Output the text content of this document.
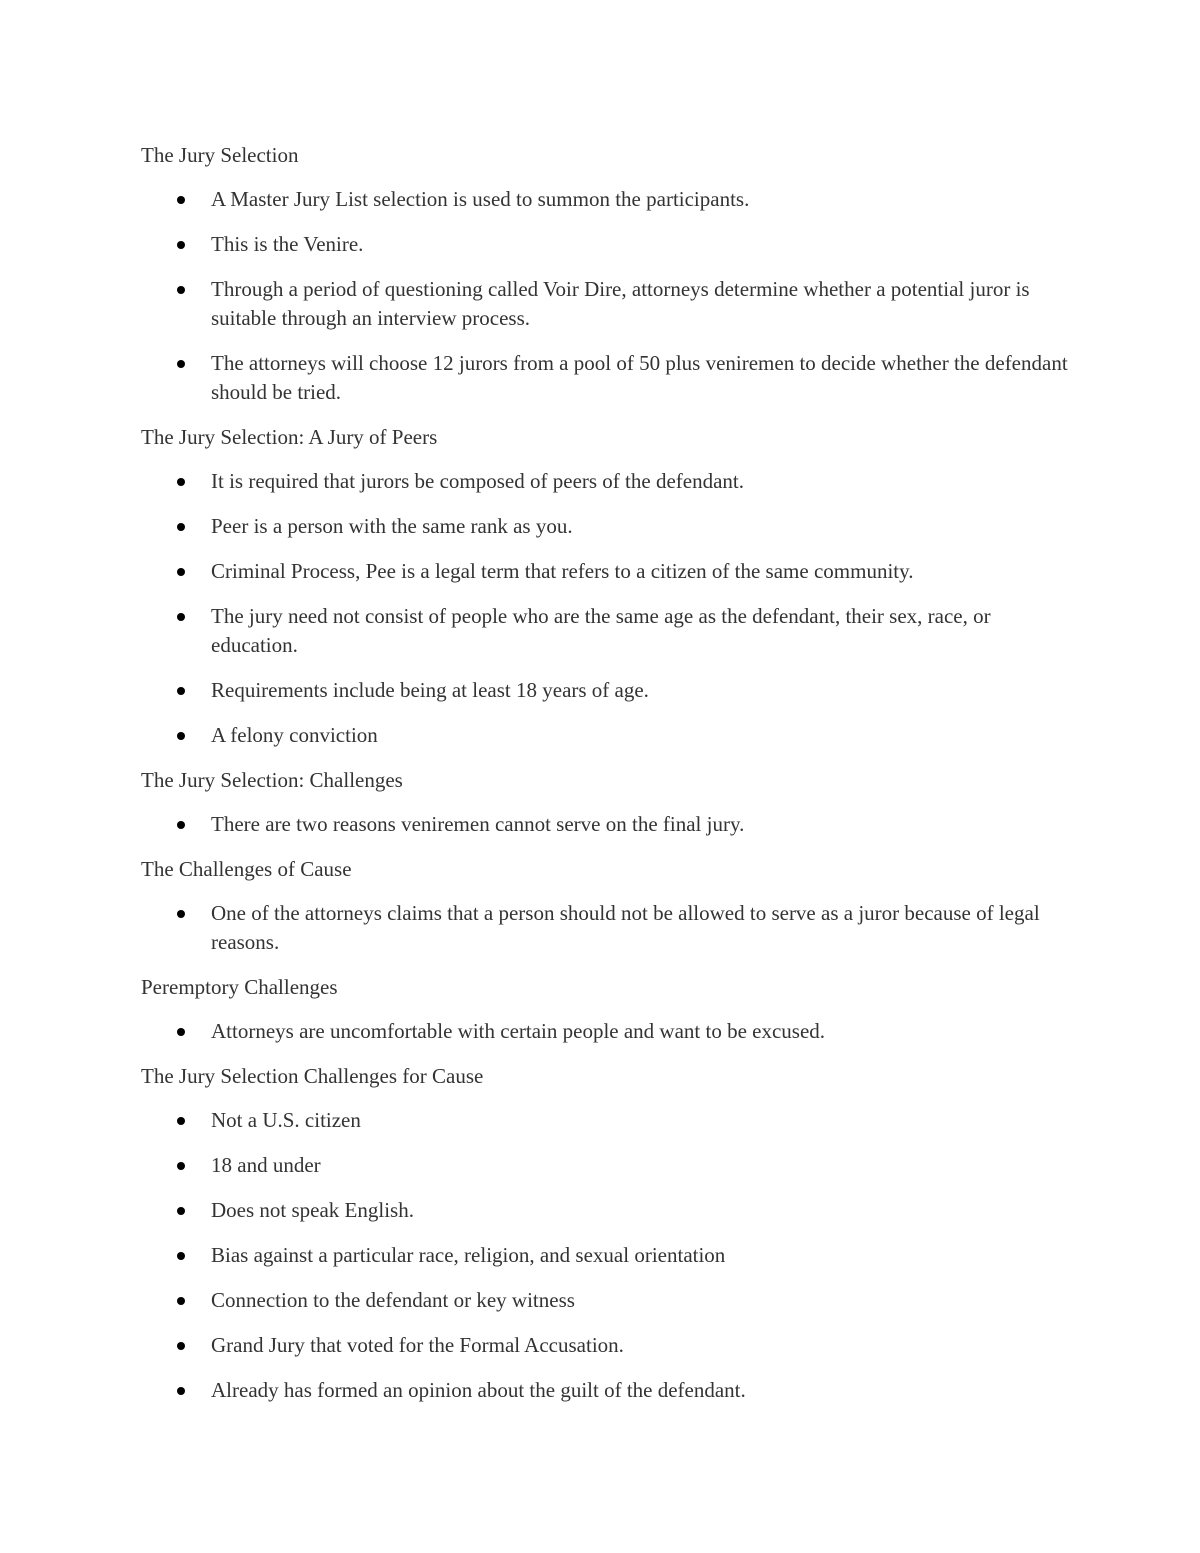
The Jury Selection

A Master Jury List selection is used to summon the participants.
This is the Venire.
Through a period of questioning called Voir Dire, attorneys determine whether a potential juror is suitable through an interview process.
The attorneys will choose 12 jurors from a pool of 50 plus veniremen to decide whether the defendant should be tried.

The Jury Selection: A Jury of Peers

It is required that jurors be composed of peers of the defendant.
Peer is a person with the same rank as you.
Criminal Process, Pee is a legal term that refers to a citizen of the same community.
The jury need not consist of people who are the same age as the defendant, their sex, race, or education.
Requirements include being at least 18 years of age.
A felony conviction

The Jury Selection: Challenges

There are two reasons veniremen cannot serve on the final jury.

The Challenges of Cause

One of the attorneys claims that a person should not be allowed to serve as a juror because of legal reasons.

Peremptory Challenges

Attorneys are uncomfortable with certain people and want to be excused.

The Jury Selection Challenges for Cause

Not a U.S. citizen
18 and under
Does not speak English.
Bias against a particular race, religion, and sexual orientation
Connection to the defendant or key witness
Grand Jury that voted for the Formal Accusation.
Already has formed an opinion about the guilt of the defendant.
